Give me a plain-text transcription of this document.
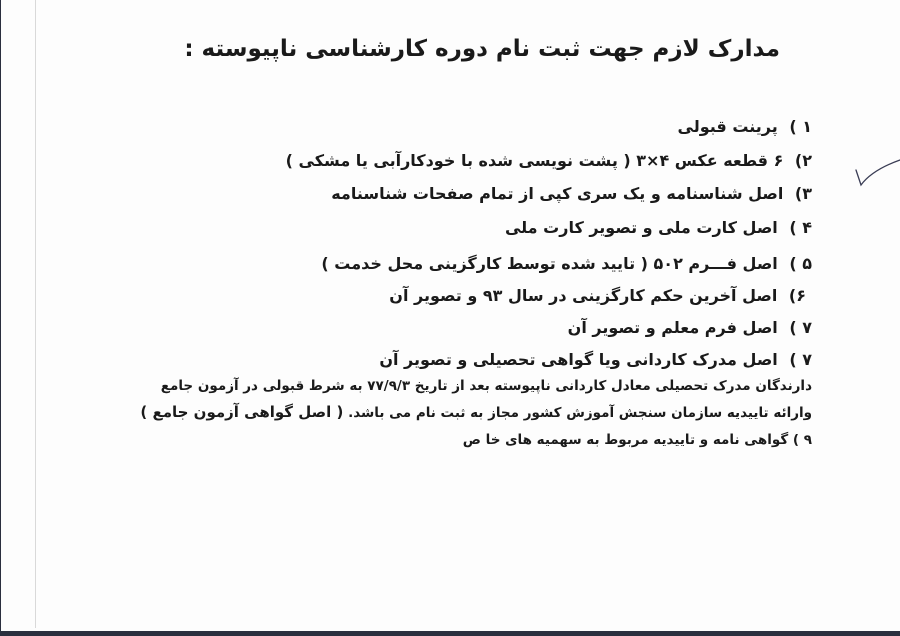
مدارک لازم جهت ثبت نام دوره کارشناسی ناپیوسته :
۱ ) پرینت قبولی
۲) ۶ قطعه عکس ۴×۳ ( پشت نویسی شده با خودکارآبی یا مشکی )
۳) اصل شناسنامه و یک سری کپی از تمام صفحات شناسنامه
۴ ) اصل کارت ملی و تصویر کارت ملی
۵ ) اصل فـــرم ۵۰۲ ( تایید شده توسط کارگزینی محل خدمت )
۶) اصل آخرین حکم کارگزینی در سال ۹۳ و تصویر آن
۷ ) اصل فرم معلم و تصویر آن
۷ ) اصل مدرک کاردانی ویا گواهی تحصیلی و تصویر آن
دارندگان مدرک تحصیلی معادل کاردانی ناپیوسته بعد از تاریخ ۷۷/۹/۳ به شرط قبولی در آزمون جامع
وارائه تاییدیه سازمان سنجش آموزش کشور مجاز به ثبت نام می باشد. ( اصل گواهی آزمون جامع )
۹ ) گواهی نامه و تاییدیه مربوط به سهمیه های خا ص
